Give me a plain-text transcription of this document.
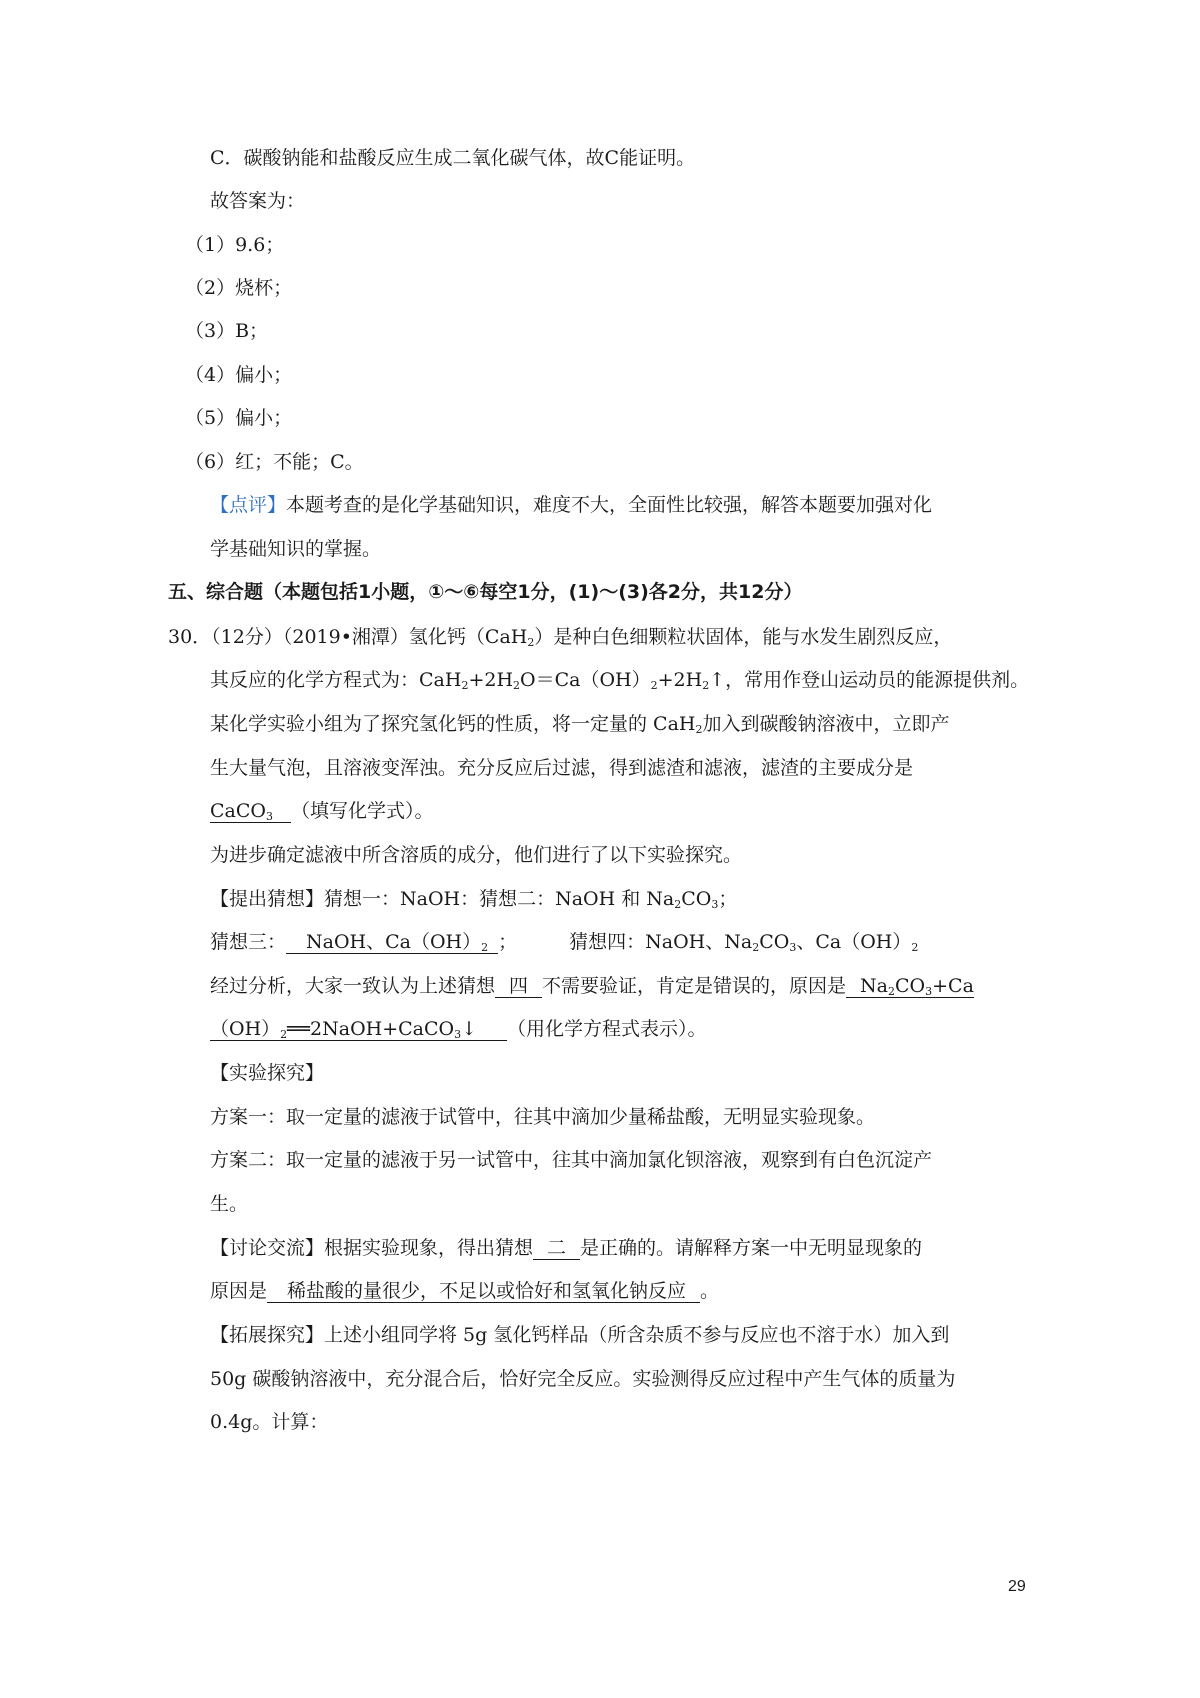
C．碳酸钠能和盐酸反应生成二氧化碳气体，故C能证明。
故答案为：
（1）9.6；
（2）烧杯；
（3）B；
（4）偏小；
（5）偏小；
（6）红；不能；C。
【点评】本题考查的是化学基础知识，难度不大，全面性比较强，解答本题要加强对化
学基础知识的掌握。
五、综合题（本题包括1小题，①～⑥每空1分，(1)～(3)各2分，共12分）
30．（12分）（2019•湘潭）氢化钙（CaH$_2$）是种白色细颗粒状固体，能与水发生剧烈反应，
其反应的化学方程式为：$CaH_2+2H_2O=Ca(OH)_2+2H_2↑$，常用作登山运动员的能源提供剂。
某化学实验小组为了探究氢化钙的性质，将一定量的 CaH$_2$加入到碳酸钠溶液中，立即产
生大量气泡，且溶液变浑浊。充分反应后过滤，得到滤渣和滤液，滤渣的主要成分是
CaCO$_3$ （填写化学式）。
为进步确定滤液中所含溶质的成分，他们进行了以下实验探究。
【提出猜想】猜想一：NaOH：猜想二：NaOH 和 $Na_2CO_3$；
猜想三： NaOH、$Ca(OH)_2$ ；	猜想四：NaOH、$Na_2CO_3$、$Ca(OH)_2$
经过分析，大家一致认为上述猜想 四 不需要验证，肯定是错误的，原因是 $Na_2CO_3+Ca$
$(OH)_2══2NaOH+CaCO_3↓$ （用化学方程式表示）。
【实验探究】
方案一：取一定量的滤液于试管中，往其中滴加少量稀盐酸，无明显实验现象。
方案二：取一定量的滤液于另一试管中，往其中滴加氯化钡溶液，观察到有白色沉淀产
生。
【讨论交流】根据实验现象，得出猜想 二 是正确的。请解释方案一中无明显现象的
原因是 稀盐酸的量很少，不足以或恰好和氢氧化钠反应 。
【拓展探究】上述小组同学将 5g 氢化钙样品（所含杂质不参与反应也不溶于水）加入到
50g 碳酸钠溶液中，充分混合后，恰好完全反应。实验测得反应过程中产生气体的质量为
0.4g。计算：
29
